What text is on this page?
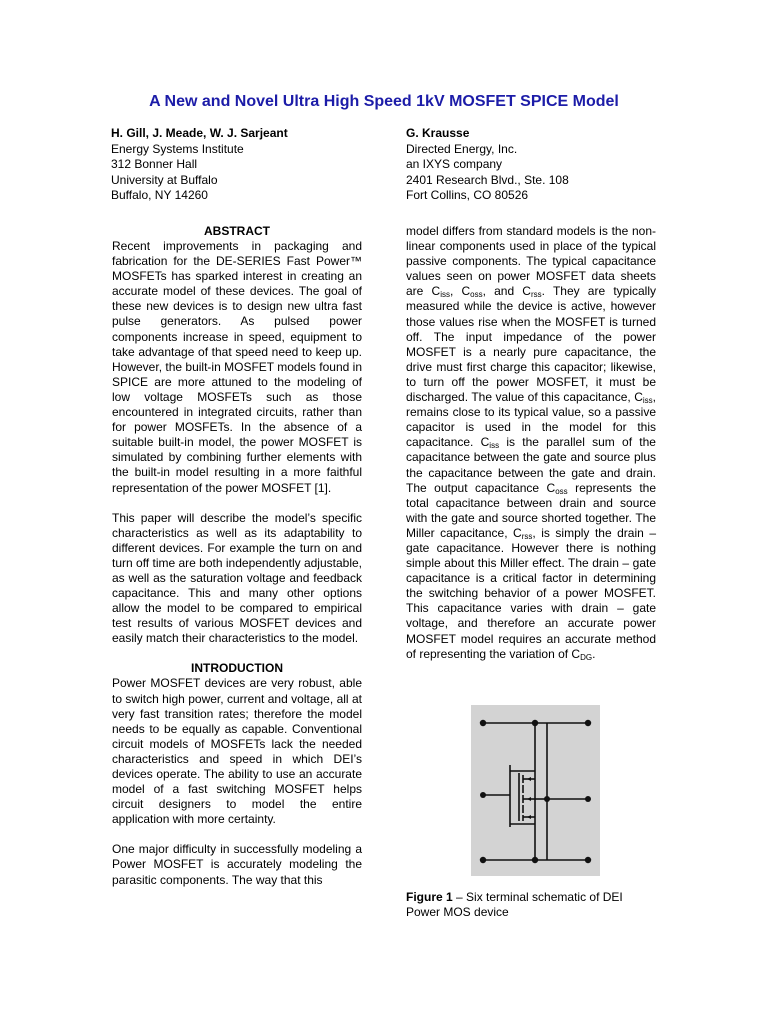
A New and Novel Ultra High Speed 1kV MOSFET SPICE Model
H. Gill, J. Meade, W. J. Sarjeant
Energy Systems Institute
312 Bonner Hall
University at Buffalo
Buffalo, NY 14260
G. Krausse
Directed Energy, Inc.
an IXYS company
2401 Research Blvd., Ste. 108
Fort Collins, CO 80526
ABSTRACT

Recent improvements in packaging and fabrication for the DE-SERIES Fast Power™ MOSFETs has sparked interest in creating an accurate model of these devices. The goal of these new devices is to design new ultra fast pulse generators. As pulsed power components increase in speed, equipment to take advantage of that speed need to keep up. However, the built-in MOSFET models found in SPICE are more attuned to the modeling of low voltage MOSFETs such as those encountered in integrated circuits, rather than for power MOSFETs. In the absence of a suitable built-in model, the power MOSFET is simulated by combining further elements with the built-in model resulting in a more faithful representation of the power MOSFET [1].

This paper will describe the model’s specific characteristics as well as its adaptability to different devices. For example the turn on and turn off time are both independently adjustable, as well as the saturation voltage and feedback capacitance. This and many other options allow the model to be compared to empirical test results of various MOSFET devices and easily match their characteristics to the model.

INTRODUCTION

Power MOSFET devices are very robust, able to switch high power, current and voltage, all at very fast transition rates; therefore the model needs to be equally as capable. Conventional circuit models of MOSFETs lack the needed characteristics and speed in which DEI’s devices operate. The ability to use an accurate model of a fast switching MOSFET helps circuit designers to model the entire application with more certainty.

One major difficulty in successfully modeling a Power MOSFET is accurately modeling the parasitic components. The way that this

model differs from standard models is the non-linear components used in place of the typical passive components. The typical capacitance values seen on power MOSFET data sheets are $C_{iss}$, $C_{oss}$, and $C_{rss}$. They are typically measured while the device is active, however those values rise when the MOSFET is turned off. The input impedance of the power MOSFET is a nearly pure capacitance, the drive must first charge this capacitor; likewise, to turn off the power MOSFET, it must be discharged. The value of this capacitance, $C_{iss}$, remains close to its typical value, so a passive capacitor is used in the model for this capacitance. $C_{iss}$ is the parallel sum of the capacitance between the gate and source plus the capacitance between the gate and drain. The output capacitance $C_{oss}$ represents the total capacitance between drain and source with the gate and source shorted together. The Miller capacitance, $C_{rss}$, is simply the drain – gate capacitance. However there is nothing simple about this Miller effect. The drain – gate capacitance is a critical factor in determining the switching behavior of a power MOSFET. This capacitance varies with drain – gate voltage, and therefore an accurate power MOSFET model requires an accurate method of representing the variation of $C_{DG}$.

Figure 1 – Six terminal schematic of DEI Power MOS device
